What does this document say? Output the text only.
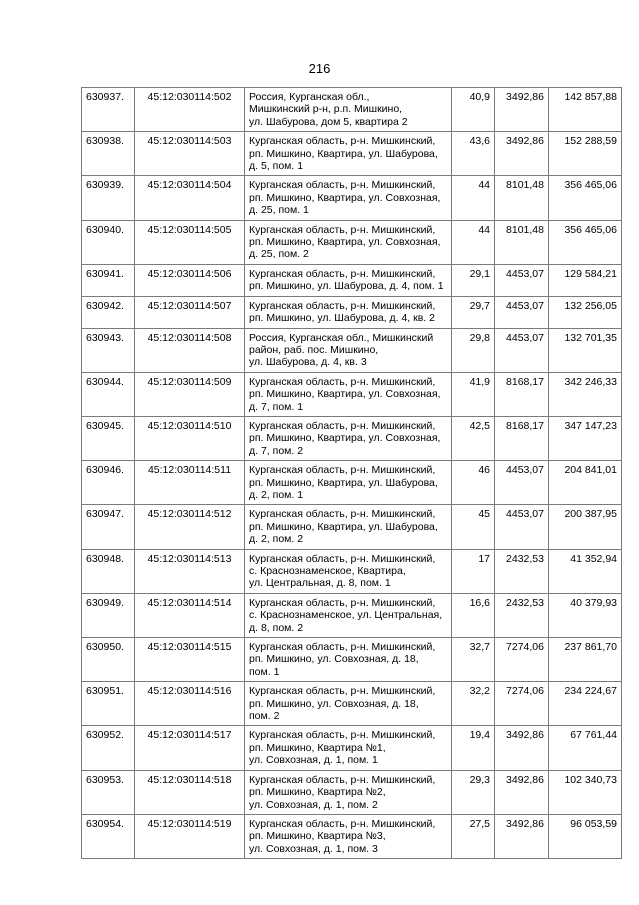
216
630937.	45:12:030114:502	Россия, Курганская обл.,
Мишкинский р-н, р.п. Мишкино,
ул. Шабурова, дом 5, квартира 2	40,9	3492,86	142 857,88
630938.	45:12:030114:503	Курганская область, р-н. Мишкинский,
рп. Мишкино, Квартира, ул. Шабурова,
д. 5, пом. 1	43,6	3492,86	152 288,59
630939.	45:12:030114:504	Курганская область, р-н. Мишкинский,
рп. Мишкино, Квартира, ул. Совхозная,
д. 25, пом. 1	44	8101,48	356 465,06
630940.	45:12:030114:505	Курганская область, р-н. Мишкинский,
рп. Мишкино, Квартира, ул. Совхозная,
д. 25, пом. 2	44	8101,48	356 465,06
630941.	45:12:030114:506	Курганская область, р-н. Мишкинский,
рп. Мишкино, ул. Шабурова, д. 4, пом. 1	29,1	4453,07	129 584,21
630942.	45:12:030114:507	Курганская область, р-н. Мишкинский,
рп. Мишкино, ул. Шабурова, д. 4, кв. 2	29,7	4453,07	132 256,05
630943.	45:12:030114:508	Россия, Курганская обл., Мишкинский
район, раб. пос. Мишкино,
ул. Шабурова, д. 4, кв. 3	29,8	4453,07	132 701,35
630944.	45:12:030114:509	Курганская область, р-н. Мишкинский,
рп. Мишкино, Квартира, ул. Совхозная,
д. 7, пом. 1	41,9	8168,17	342 246,33
630945.	45:12:030114:510	Курганская область, р-н. Мишкинский,
рп. Мишкино, Квартира, ул. Совхозная,
д. 7, пом. 2	42,5	8168,17	347 147,23
630946.	45:12:030114:511	Курганская область, р-н. Мишкинский,
рп. Мишкино, Квартира, ул. Шабурова,
д. 2, пом. 1	46	4453,07	204 841,01
630947.	45:12:030114:512	Курганская область, р-н. Мишкинский,
рп. Мишкино, Квартира, ул. Шабурова,
д. 2, пом. 2	45	4453,07	200 387,95
630948.	45:12:030114:513	Курганская область, р-н. Мишкинский,
с. Краснознаменское, Квартира,
ул. Центральная, д. 8, пом. 1	17	2432,53	41 352,94
630949.	45:12:030114:514	Курганская область, р-н. Мишкинский,
с. Краснознаменское, ул. Центральная,
д. 8, пом. 2	16,6	2432,53	40 379,93
630950.	45:12:030114:515	Курганская область, р-н. Мишкинский,
рп. Мишкино, ул. Совхозная, д. 18,
пом. 1	32,7	7274,06	237 861,70
630951.	45:12:030114:516	Курганская область, р-н. Мишкинский,
рп. Мишкино, ул. Совхозная, д. 18,
пом. 2	32,2	7274,06	234 224,67
630952.	45:12:030114:517	Курганская область, р-н. Мишкинский,
рп. Мишкино, Квартира №1,
ул. Совхозная, д. 1, пом. 1	19,4	3492,86	67 761,44
630953.	45:12:030114:518	Курганская область, р-н. Мишкинский,
рп. Мишкино, Квартира №2,
ул. Совхозная, д. 1, пом. 2	29,3	3492,86	102 340,73
630954.	45:12:030114:519	Курганская область, р-н. Мишкинский,
рп. Мишкино, Квартира №3,
ул. Совхозная, д. 1, пом. 3	27,5	3492,86	96 053,59
